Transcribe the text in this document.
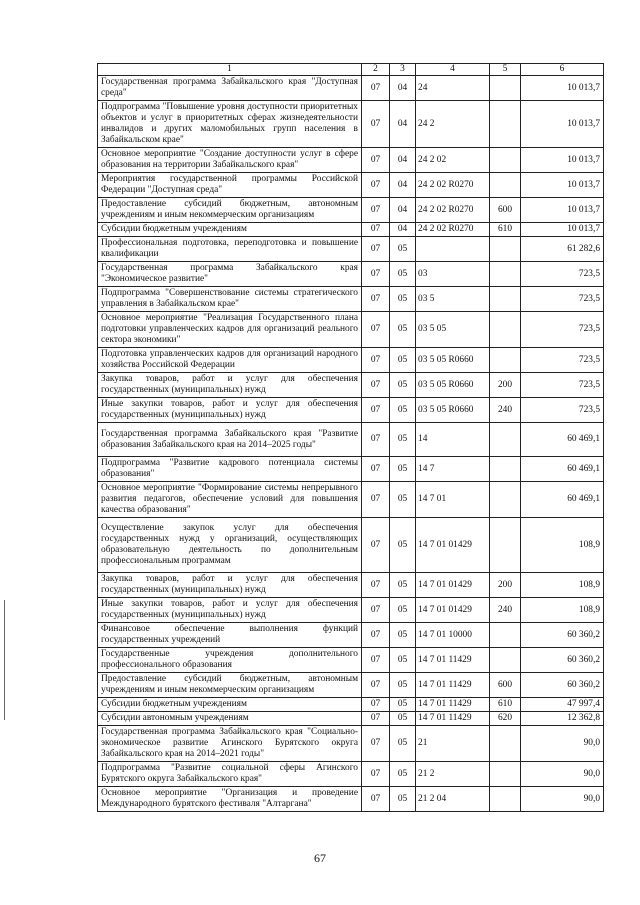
1	2	3	4	5	6
Государственная программа Забайкальского края "Доступная среда"	07	04	24		10 013,7
Подпрограмма "Повышение уровня доступности приоритетных объектов и услуг в приоритетных сферах жизнедеятельности инвалидов и других маломобильных групп населения в Забайкальском крае"	07	04	24 2		10 013,7
Основное мероприятие "Создание доступности услуг в сфере образования на территории Забайкальского края"	07	04	24 2 02		10 013,7
Мероприятия государственной программы Российской Федерации "Доступная среда"	07	04	24 2 02 R0270		10 013,7
Предоставление субсидий бюджетным, автономным учреждениям и иным некоммерческим организациям	07	04	24 2 02 R0270	600	10 013,7
Субсидии бюджетным учреждениям	07	04	24 2 02 R0270	610	10 013,7
Профессиональная подготовка, переподготовка и повышение квалификации	07	05			61 282,6
Государственная программа Забайкальского края "Экономическое развитие"	07	05	03		723,5
Подпрограмма "Совершенствование системы стратегического управления в Забайкальском крае"	07	05	03 5		723,5
Основное мероприятие "Реализация Государственного плана подготовки управленческих кадров для организаций реального сектора экономики"	07	05	03 5 05		723,5
Подготовка управленческих кадров для организаций народного хозяйства Российской Федерации	07	05	03 5 05 R0660		723,5
Закупка товаров, работ и услуг для обеспечения государственных (муниципальных) нужд	07	05	03 5 05 R0660	200	723,5
Иные закупки товаров, работ и услуг для обеспечения государственных (муниципальных) нужд	07	05	03 5 05 R0660	240	723,5
Государственная программа Забайкальского края "Развитие образования Забайкальского края на 2014–2025 годы"	07	05	14		60 469,1
Подпрограмма "Развитие кадрового потенциала системы образования"	07	05	14 7		60 469,1
Основное мероприятие "Формирование системы непрерывного развития педагогов, обеспечение условий для повышения качества образования"	07	05	14 7 01		60 469,1
Осуществление закупок услуг для обеспечения государственных нужд у организаций, осуществляющих образовательную деятельность по дополнительным профессиональным программам	07	05	14 7 01 01429		108,9
Закупка товаров, работ и услуг для обеспечения государственных (муниципальных) нужд	07	05	14 7 01 01429	200	108,9
Иные закупки товаров, работ и услуг для обеспечения государственных (муниципальных) нужд	07	05	14 7 01 01429	240	108,9
Финансовое обеспечение выполнения функций государственных учреждений	07	05	14 7 01 10000		60 360,2
Государственные учреждения дополнительного профессионального образования	07	05	14 7 01 11429		60 360,2
Предоставление субсидий бюджетным, автономным учреждениям и иным некоммерческим организациям	07	05	14 7 01 11429	600	60 360,2
Субсидии бюджетным учреждениям	07	05	14 7 01 11429	610	47 997,4
Субсидии автономным учреждениям	07	05	14 7 01 11429	620	12 362,8
Государственная программа Забайкальского края "Социально-экономическое развитие Агинского Бурятского округа Забайкальского края на 2014–2021 годы"	07	05	21		90,0
Подпрограмма "Развитие социальной сферы Агинского Бурятского округа Забайкальского края"	07	05	21 2		90,0
Основное мероприятие "Организация и проведение Международного бурятского фестиваля "Алтаргана"	07	05	21 2 04		90,0
67
